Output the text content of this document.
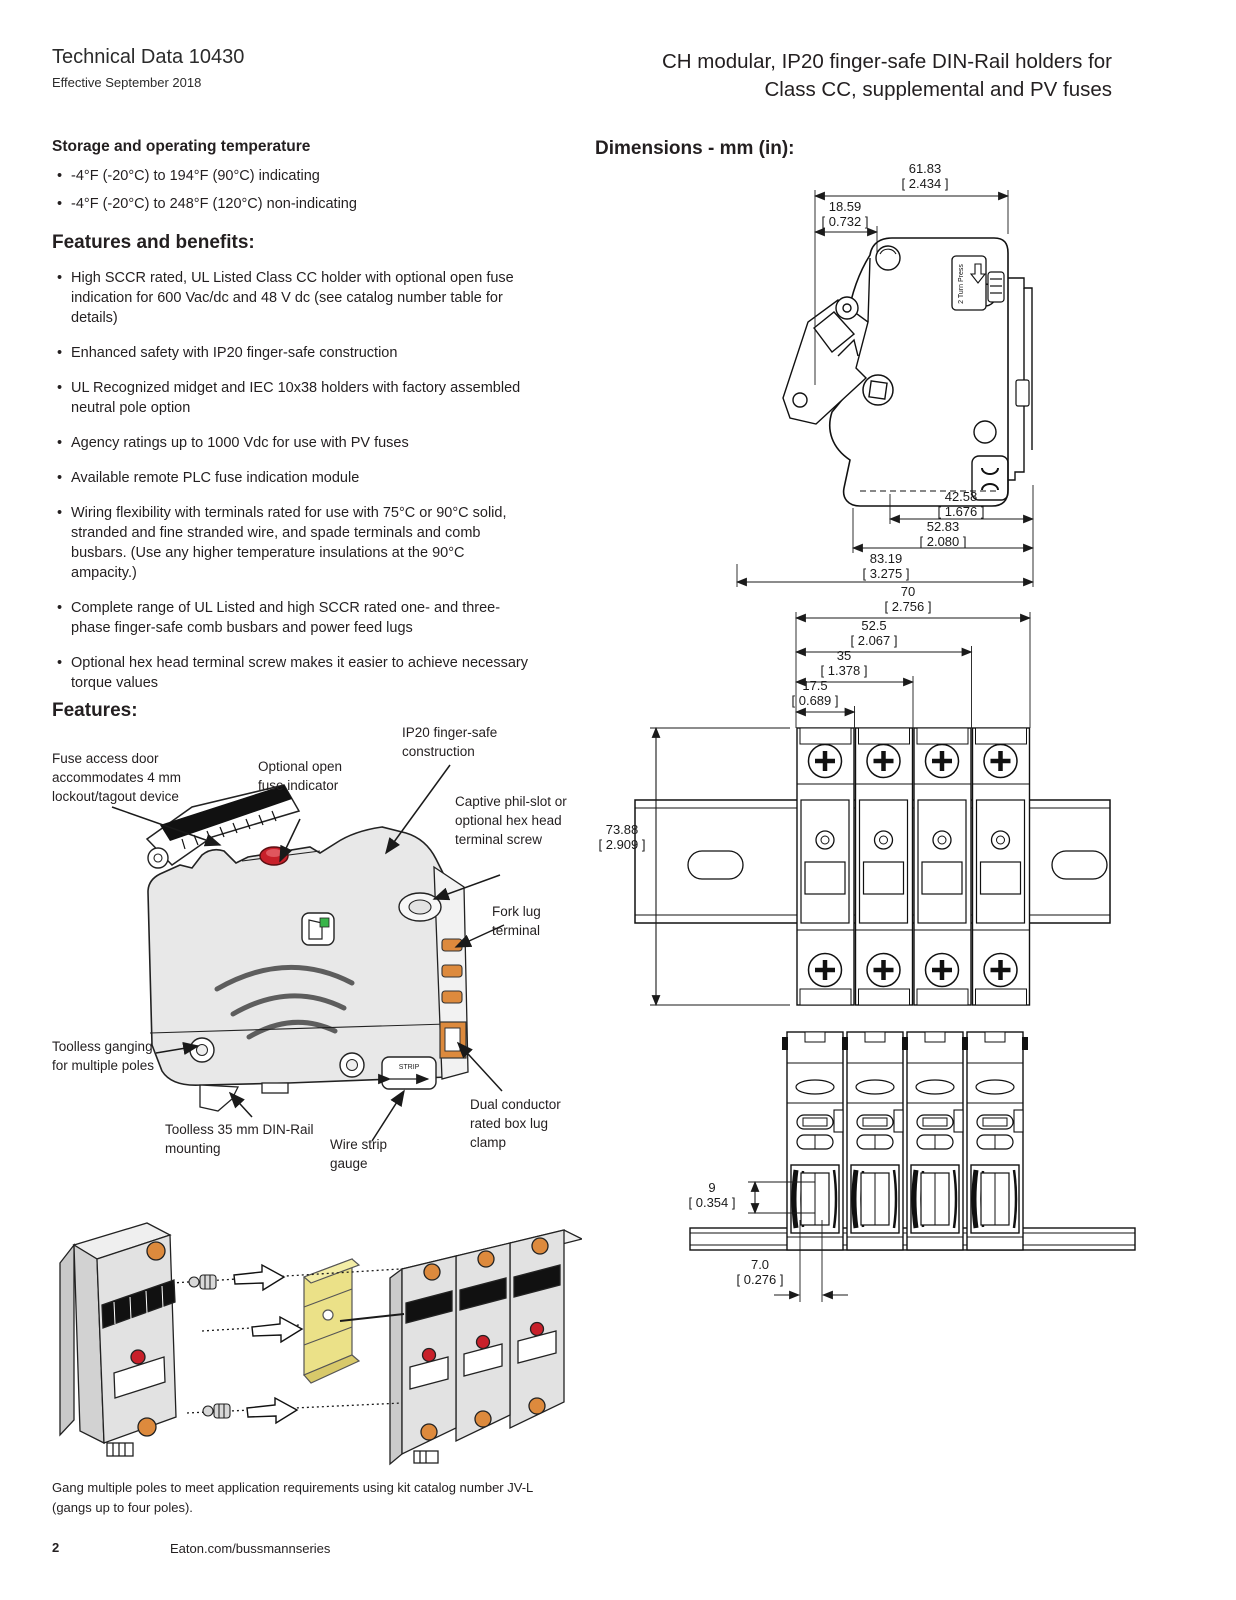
Technical Data 10430
Effective September 2018
CH modular, IP20 finger-safe DIN-Rail holders for
Class CC, supplemental and PV fuses
Storage and operating temperature
• -4°F (-20°C) to 194°F (90°C) indicating
• -4°F (-20°C) to 248°F (120°C) non-indicating
Features and benefits:
• High SCCR rated, UL Listed Class CC holder with optional open fuse indication for 600 Vac/dc and 48 V dc (see catalog number table for details)
• Enhanced safety with IP20 finger-safe construction
• UL Recognized midget and IEC 10x38 holders with factory assembled neutral pole option
• Agency ratings up to 1000 Vdc for use with PV fuses
• Available remote PLC fuse indication module
• Wiring flexibility with terminals rated for use with 75°C or 90°C solid, stranded and fine stranded wire, and spade terminals and comb busbars. (Use any higher temperature insulations at the 90°C ampacity.)
• Complete range of UL Listed and high SCCR rated one- and three-phase finger-safe comb busbars and power feed lugs
• Optional hex head terminal screw makes it easier to achieve necessary torque values
Features:
STRIP
IP20 finger-safe construction
Fuse access door accommodates 4 mm lockout/tagout device
Optional open fuse indicator
Captive phil-slot or optional hex head terminal screw
Fork lug terminal
Toolless ganging for multiple poles
Dual conductor rated box lug clamp
Toolless 35 mm DIN-Rail mounting	Wire strip gauge
Gang multiple poles to meet application requirements using kit catalog number JV-L (gangs up to four poles).
Dimensions - mm (in):
2 Turn Press
61.83
[ 2.434 ]
18.59
[ 0.732 ]
42.58
[ 1.676 ]
52.83
[ 2.080 ]
83.19
[ 3.275 ]
70
[ 2.756 ]
52.5
[ 2.067 ]
35
[ 1.378 ]
17.5
[ 0.689 ]
73.88
[ 2.909 ]
9
[ 0.354 ]
7.0
[ 0.276 ]
2	Eaton.com/bussmannseries
